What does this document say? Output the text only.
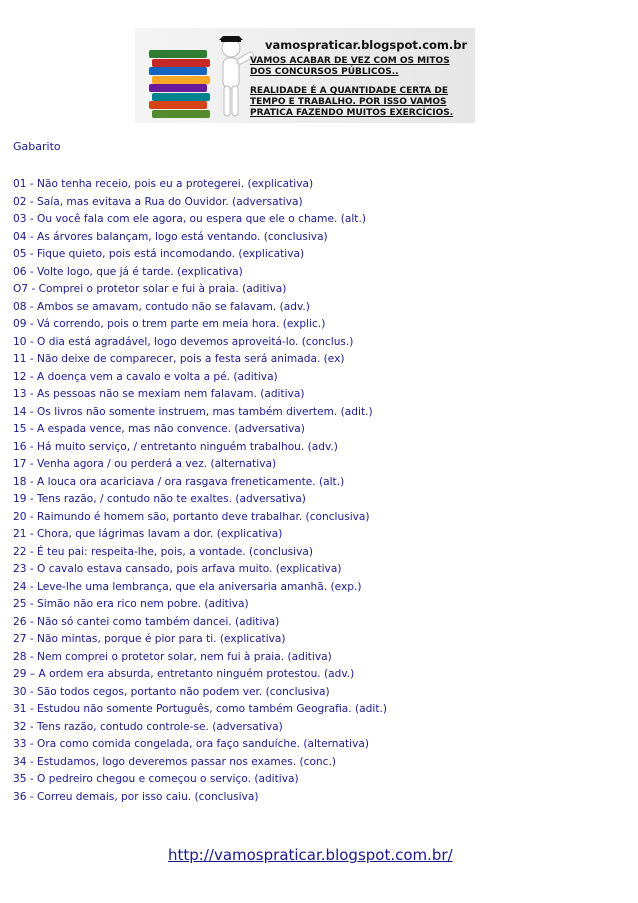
vamospraticar.blogspot.com.br
VAMOS ACABAR DE VEZ COM OS MITOS
DOS CONCURSOS PÚBLICOS..
REALIDADE É A QUANTIDADE CERTA DE
TEMPO E TRABALHO. POR ISSO VAMOS
PRATICA FAZENDO MUITOS EXERCÍCIOS.
Gabarito
01 - Não tenha receio, pois eu a protegerei. (explicativa)
02 - Saía, mas evitava a Rua do Ouvidor. (adversativa)
03 - Ou você fala com ele agora, ou espera que ele o chame. (alt.)
04 - As árvores balançam, logo está ventando. (conclusiva)
05 - Fique quieto, pois está incomodando. (explicativa)
06 - Volte logo, que já é tarde. (explicativa)
O7 - Comprei o protetor solar e fui à praia. (aditiva)
08 - Ambos se amavam, contudo não se falavam. (adv.)
09 - Vá correndo, pois o trem parte em meia hora. (explic.)
10 - O dia está agradável, logo devemos aproveitá-lo. (conclus.)
11 - Não deixe de comparecer, pois a festa será animada. (ex)
12 - A doença vem a cavalo e volta a pé. (aditiva)
13 - As pessoas não se mexiam nem falavam. (aditiva)
14 - Os livros não somente instruem, mas também divertem. (adit.)
15 - A espada vence, mas não convence. (adversativa)
16 - Há muito serviço, / entretanto ninguém trabalhou. (adv.)
17 - Venha agora / ou perderá a vez. (alternativa)
18 - A louca ora acariciava / ora rasgava freneticamente. (alt.)
19 - Tens razão, / contudo não te exaltes. (adversativa)
20 - Raimundo é homem são, portanto deve trabalhar. (conclusiva)
21 - Chora, que lágrimas lavam a dor. (explicativa)
22 - É teu pai: respeita-lhe, pois, a vontade. (conclusiva)
23 - O cavalo estava cansado, pois arfava muito. (explicativa)
24 - Leve-lhe uma lembrança, que ela aniversaria amanhã. (exp.)
25 - Simão não era rico nem pobre. (aditiva)
26 - Não só cantei como também dancei. (aditiva)
27 - Não mintas, porque é pior para ti. (explicativa)
28 - Nem comprei o protetor solar, nem fui à praia. (aditiva)
29 – A ordem era absurda, entretanto ninguém protestou. (adv.)
30 - São todos cegos, portanto não podem ver. (conclusiva)
31 - Estudou não somente Português, como também Geografia. (adit.)
32 - Tens razão, contudo controle-se. (adversativa)
33 - Ora como comida congelada, ora faço sanduíche. (alternativa)
34 - Estudamos, logo deveremos passar nos exames. (conc.)
35 - O pedreiro chegou e começou o serviço. (aditiva)
36 - Correu demais, por isso caiu. (conclusiva)
http://vamospraticar.blogspot.com.br/
